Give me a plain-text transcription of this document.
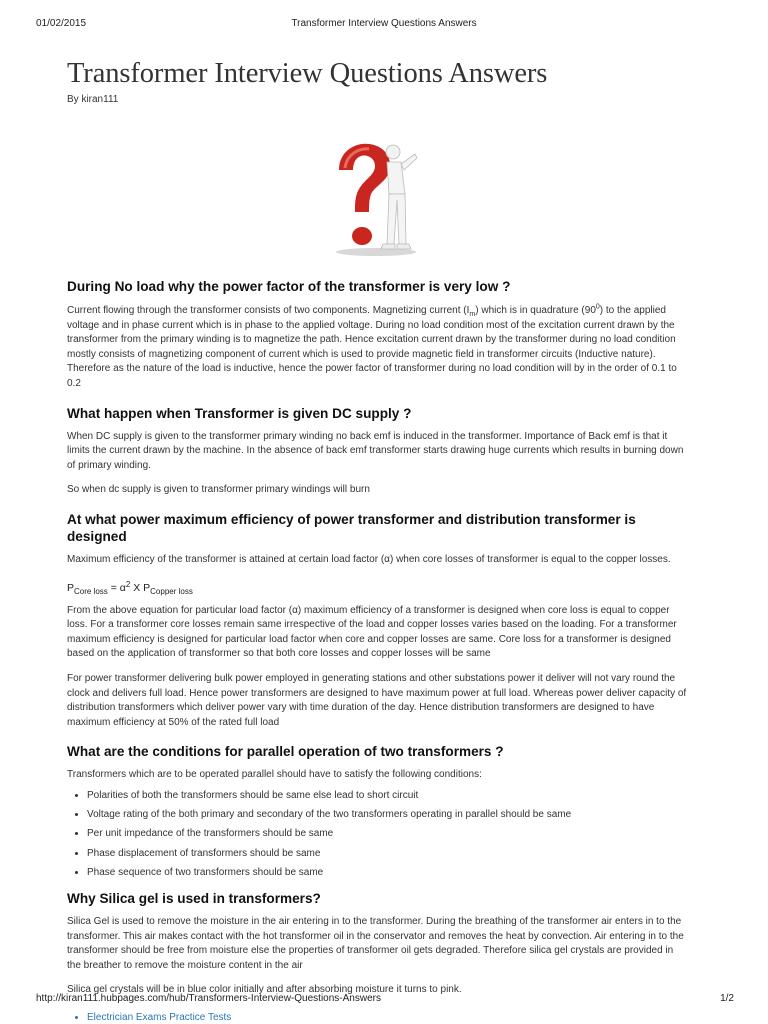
01/02/2015	Transformer Interview Questions Answers
Transformer Interview Questions Answers
By kiran111
During No load why the power factor of the transformer is very low ?

Current flowing through the transformer consists of two components. Magnetizing current $(I_m)$ which is in quadrature $(90^0)$ to the applied voltage and in phase current which is in phase to the applied voltage. During no load condition most of the excitation current drawn by the transformer from the primary winding is to magnetize the path. Hence excitation current drawn by the transformer during no load condition mostly consists of magnetizing component of current which is used to provide magnetic field in transformer circuits (Inductive nature). Therefore as the nature of the load is inductive, hence the power factor of transformer during no load condition will by in the order of 0.1 to 0.2

What happen when Transformer is given DC supply ?

When DC supply is given to the transformer primary winding no back emf is induced in the transformer. Importance of Back emf is that it limits the current drawn by the machine. In the absence of back emf transformer starts drawing huge currents which results in burning down of primary winding.

So when dc supply is given to transformer primary windings will burn

At what power maximum efficiency of power transformer and distribution transformer is designed

Maximum efficiency of the transformer is attained at certain load factor (α) when core losses of transformer is equal to the copper losses.

$P_{Core loss} = \alpha^2$ X $P_{Copper loss}$

From the above equation for particular load factor (α) maximum efficiency of a transformer is designed when core loss is equal to copper loss. For a transformer core losses remain same irrespective of the load and copper losses varies based on the loading. For a transformer maximum efficiency is designed for particular load factor when core and copper losses are same. Core loss for a transformer is designed based on the application of transformer so that both core losses and copper losses will be same

For power transformer delivering bulk power employed in generating stations and other substations power it deliver will not vary round the clock and delivers full load. Hence power transformers are designed to have maximum power at full load. Whereas power deliver capacity of distribution transformers which deliver power vary with time duration of the day. Hence distribution transformers are designed to have maximum efficiency at 50% of the rated full load

What are the conditions for parallel operation of two transformers ?

Transformers which are to be operated parallel should have to satisfy the following conditions:

• Polarities of both the transformers should be same else lead to short circuit
• Voltage rating of the both primary and secondary of the two transformers operating in parallel should be same
• Per unit impedance of the transformers should be same
• Phase displacement of transformers should be same
• Phase sequence of two transformers should be same
Why Silica gel is used in transformers?

Silica Gel is used to remove the moisture in the air entering in to the transformer. During the breathing of the transformer air enters in to the transformer. This air makes contact with the hot transformer oil in the conservator and removes the heat by convection. Air entering in to the transformer should be free from moisture else the properties of transformer oil gets degraded. Therefore silica gel crystals are provided in the breather to remove the moisture content in the air

Silica gel crystals will be in blue color initially and after absorbing moisture it turns to pink.

• Electrician Exams Practice Tests
http://kiran111.hubpages.com/hub/Transformers-Interview-Questions-Answers	1/2
